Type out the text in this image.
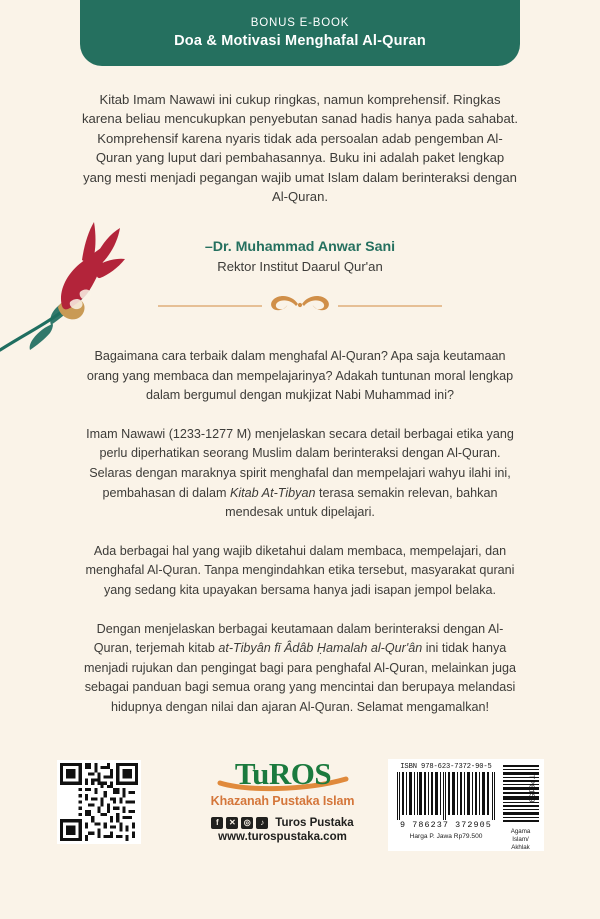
BONUS E-BOOK
Doa & Motivasi Menghafal Al-Quran
Kitab Imam Nawawi ini cukup ringkas, namun komprehensif. Ringkas karena beliau mencukupkan penyebutan sanad hadis hanya pada sahabat. Komprehensif karena nyaris tidak ada persoalan adab pengemban Al-Quran yang luput dari pembahasannya. Buku ini adalah paket lengkap yang mesti menjadi pegangan wajib umat Islam dalam berinteraksi dengan Al-Quran.
–Dr. Muhammad Anwar Sani
Rektor Institut Daarul Qur'an

Bagaimana cara terbaik dalam menghafal Al-Quran? Apa saja keutamaan orang yang membaca dan mempelajarinya? Adakah tuntunan moral lengkap dalam bergumul dengan mukjizat Nabi Muhammad ini?

Imam Nawawi (1233-1277 M) menjelaskan secara detail berbagai etika yang perlu diperhatikan seorang Muslim dalam berinteraksi dengan Al-Quran. Selaras dengan maraknya spirit menghafal dan mempelajari wahyu ilahi ini, pembahasan di dalam Kitab At-Tibyan terasa semakin relevan, bahkan mendesak untuk dipelajari.

Ada berbagai hal yang wajib diketahui dalam membaca, mempelajari, dan menghafal Al-Quran. Tanpa mengindahkan etika tersebut, masyarakat qurani yang sedang kita upayakan bersama hanya jadi isapan jempol belaka.

Dengan menjelaskan berbagai keutamaan dalam berinteraksi dengan Al-Quran, terjemah kitab at-Tibyân fī Âdâb Ḥamalah al-Qur'ân ini tidak hanya menjadi rujukan dan pengingat bagi para penghafal Al-Quran, melainkan juga sebagai panduan bagi semua orang yang mencintai dan berupaya melandasi hidupnya dengan nilai dan ajaran Al-Quran. Selamat mengamalkan!

TuROS
Khazanah Pustaka Islam
f	✕	◎	♪ Turos Pustaka
www.turospustaka.com
ISBN 978-623-7372-90-5
9 786237 372905
Harga P. Jawa Rp79.500
TP0159
Agama Islam/
Akhlak
